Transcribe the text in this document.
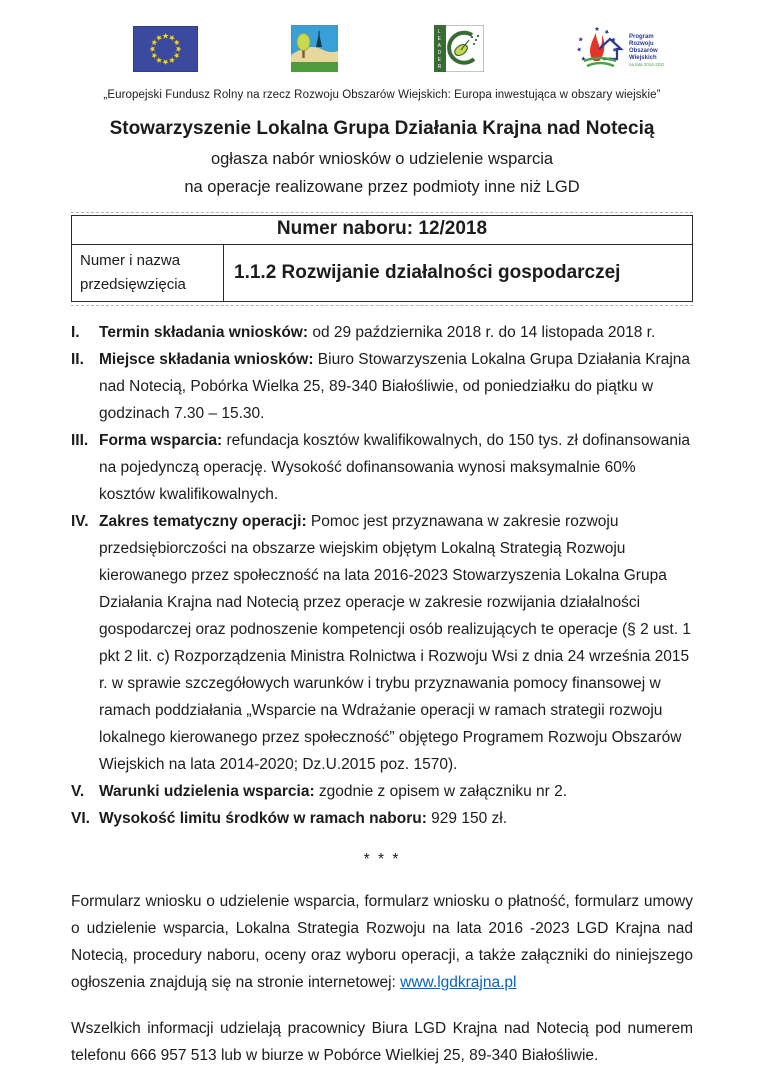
L
E
A
D
E
R
Program
Rozwoju
Obszarów
Wiejskich
na lata 2014-2020
„Europejski Fundusz Rolny na rzecz Rozwoju Obszarów Wiejskich: Europa inwestująca w obszary wiejskie”
Stowarzyszenie Lokalna Grupa Działania Krajna nad Notecią
ogłasza nabór wniosków o udzielenie wsparcia
na operacje realizowane przez podmioty inne niż LGD
Numer naboru: 12/2018
Numer i nazwa przedsięwzięcia	1.1.2 Rozwijanie działalności gospodarczej
I.	Termin składania wniosków: od 29 października 2018 r. do 14 listopada 2018 r.
II. Miejsce składania wniosków: Biuro Stowarzyszenia Lokalna Grupa Działania Krajna nad Notecią, Pobórka Wielka 25, 89-340 Białośliwie, od poniedziałku do piątku w godzinach 7.30 – 15.30.
III. Forma wsparcia: refundacja kosztów kwalifikowalnych, do 150 tys. zł dofinansowania na pojedynczą operację. Wysokość dofinansowania wynosi maksymalnie 60% kosztów kwalifikowalnych.
IV. Zakres tematyczny operacji: Pomoc jest przyznawana w zakresie rozwoju przedsiębiorczości na obszarze wiejskim objętym Lokalną Strategią Rozwoju kierowanego przez społeczność na lata 2016-2023 Stowarzyszenia Lokalna Grupa Działania Krajna nad Notecią przez operacje w zakresie rozwijania działalności gospodarczej oraz podnoszenie kompetencji osób realizujących te operacje (§ 2 ust. 1 pkt 2 lit. c) Rozporządzenia Ministra Rolnictwa i Rozwoju Wsi z dnia 24 września 2015 r. w sprawie szczegółowych warunków i trybu przyznawania pomocy finansowej w ramach poddziałania „Wsparcie na Wdrażanie operacji w ramach strategii rozwoju lokalnego kierowanego przez społeczność” objętego Programem Rozwoju Obszarów Wiejskich na lata 2014-2020; Dz.U.2015 poz. 1570).
V. Warunki udzielenia wsparcia: zgodnie z opisem w załączniku nr 2.
VI. Wysokość limitu środków w ramach naboru: 929 150 zł.
* * *
Formularz wniosku o udzielenie wsparcia, formularz wniosku o płatność, formularz umowy o udzielenie wsparcia, Lokalna Strategia Rozwoju na lata 2016 -2023 LGD Krajna nad Notecią, procedury naboru, oceny oraz wyboru operacji, a także załączniki do niniejszego ogłoszenia znajdują się na stronie internetowej: www.lgdkrajna.pl
Wszelkich informacji udzielają pracownicy Biura LGD Krajna nad Notecią pod numerem telefonu 666 957 513 lub w biurze w Pobórce Wielkiej 25, 89-340 Białośliwie.
